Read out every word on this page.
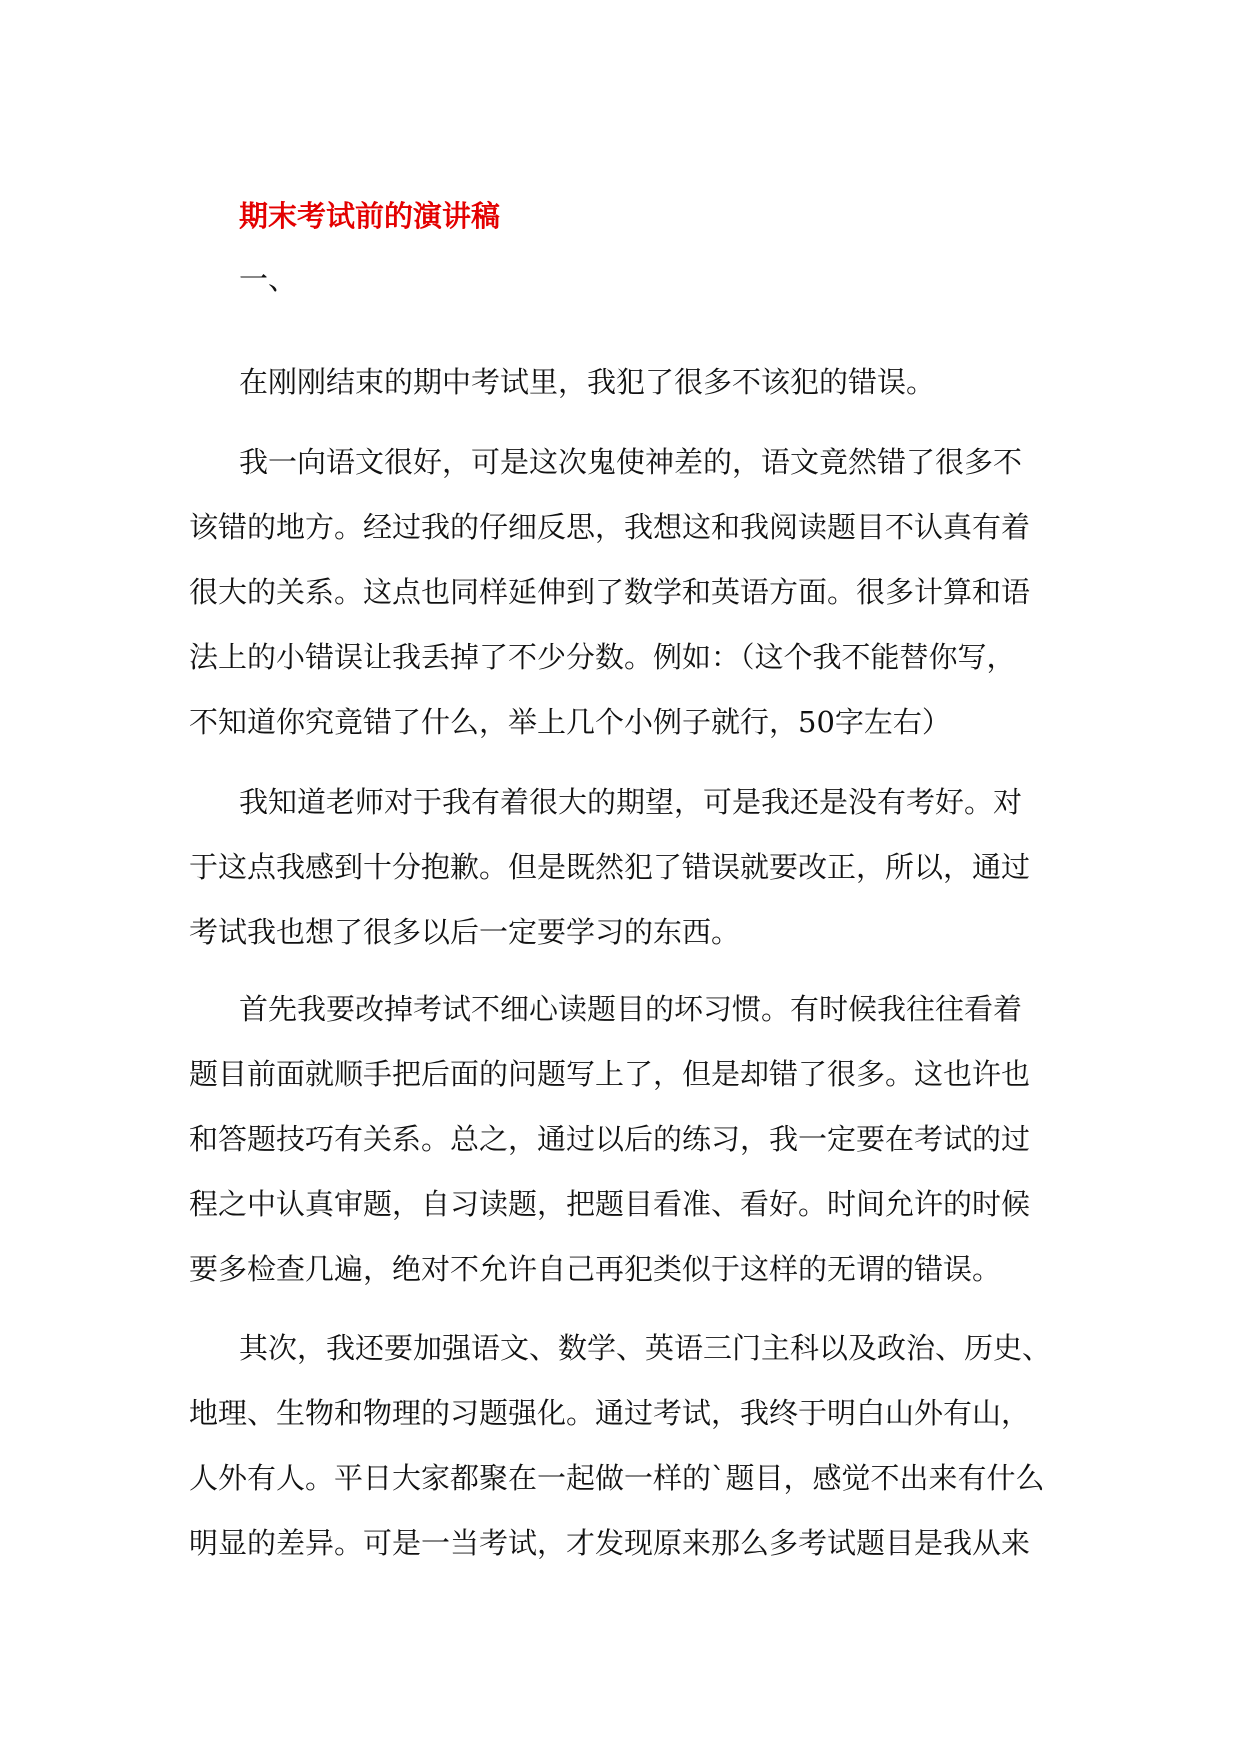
期末考试前的演讲稿
一、
在刚刚结束的期中考试里，我犯了很多不该犯的错误。
我一向语文很好，可是这次鬼使神差的，语文竟然错了很多不
该错的地方。经过我的仔细反思，我想这和我阅读题目不认真有着
很大的关系。这点也同样延伸到了数学和英语方面。很多计算和语
法上的小错误让我丢掉了不少分数。例如：（这个我不能替你写，
不知道你究竟错了什么，举上几个小例子就行，50字左右）
我知道老师对于我有着很大的期望，可是我还是没有考好。对
于这点我感到十分抱歉。但是既然犯了错误就要改正，所以，通过
考试我也想了很多以后一定要学习的东西。
首先我要改掉考试不细心读题目的坏习惯。有时候我往往看着
题目前面就顺手把后面的问题写上了，但是却错了很多。这也许也
和答题技巧有关系。总之，通过以后的练习，我一定要在考试的过
程之中认真审题，自习读题，把题目看准、看好。时间允许的时候
要多检查几遍，绝对不允许自己再犯类似于这样的无谓的错误。
其次，我还要加强语文、数学、英语三门主科以及政治、历史、
地理、生物和物理的习题强化。通过考试，我终于明白山外有山，
人外有人。平日大家都聚在一起做一样的`题目，感觉不出来有什么
明显的差异。可是一当考试，才发现原来那么多考试题目是我从来
